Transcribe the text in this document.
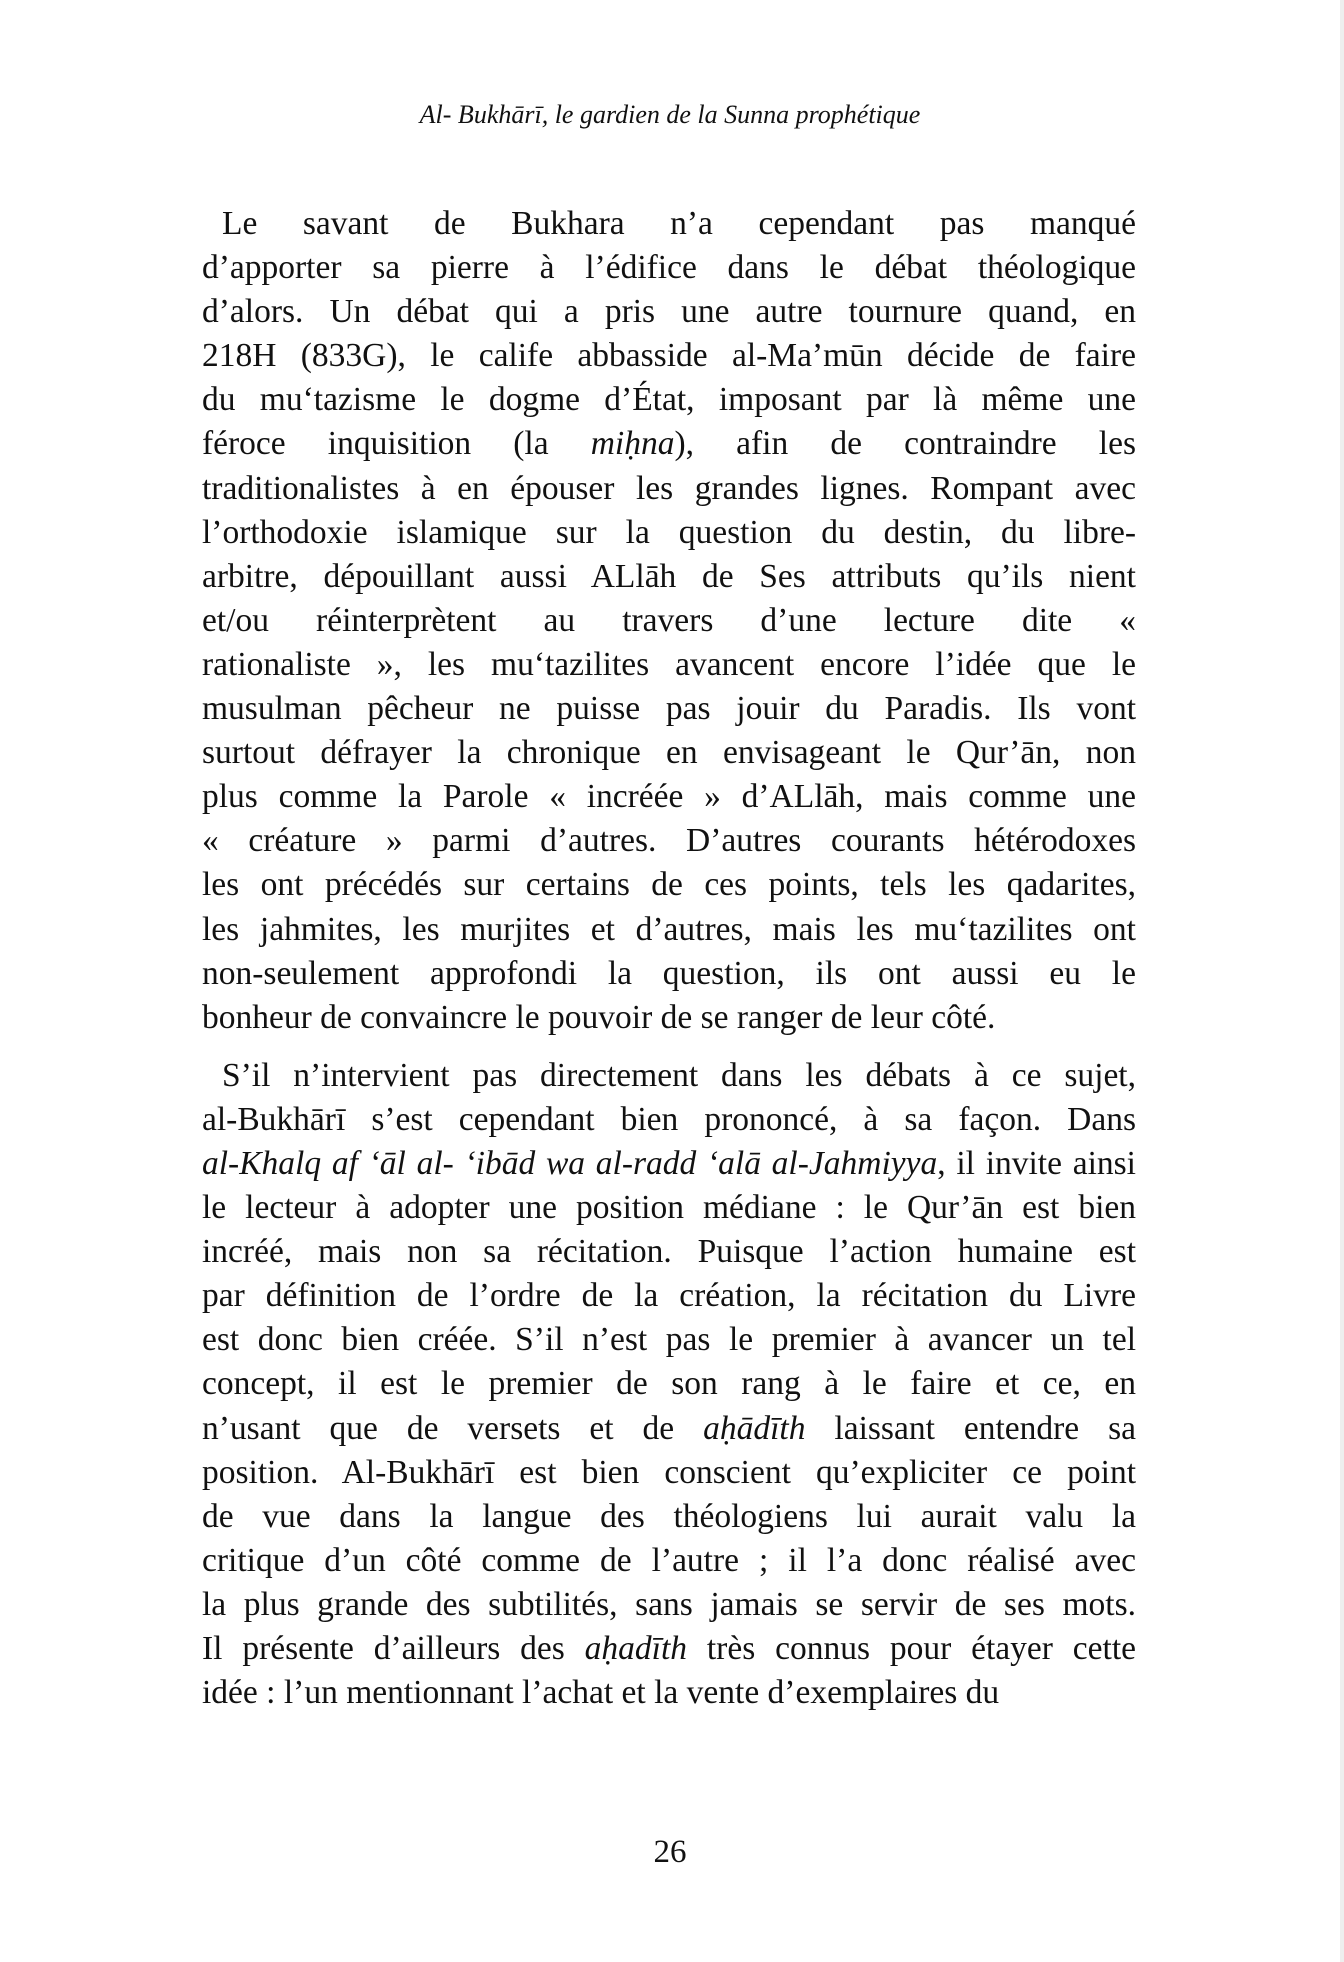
Al- Bukhārī, le gardien de la Sunna prophétique

Le savant de Bukhara n’a cependant pas manqué
d’apporter sa pierre à l’édifice dans le débat théologique
d’alors. Un débat qui a pris une autre tournure quand, en
218H (833G), le calife abbasside al-Ma’mūn décide de faire
du mu‘tazisme le dogme d’État, imposant par là même une
féroce inquisition (la miḥna), afin de contraindre les
traditionalistes à en épouser les grandes lignes. Rompant avec
l’orthodoxie islamique sur la question du destin, du libre-
arbitre, dépouillant aussi ALlāh de Ses attributs qu’ils nient
et/ou réinterprètent au travers d’une lecture dite «
rationaliste », les mu‘tazilites avancent encore l’idée que le
musulman pêcheur ne puisse pas jouir du Paradis. Ils vont
surtout défrayer la chronique en envisageant le Qur’ān, non
plus comme la Parole « incréée » d’ALlāh, mais comme une
« créature » parmi d’autres. D’autres courants hétérodoxes
les ont précédés sur certains de ces points, tels les qadarites,
les jahmites, les murjites et d’autres, mais les mu‘tazilites ont
non-seulement approfondi la question, ils ont aussi eu le
bonheur de convaincre le pouvoir de se ranger de leur côté.

S’il n’intervient pas directement dans les débats à ce sujet,
al-Bukhārī s’est cependant bien prononcé, à sa façon. Dans
al-Khalq af ‘āl al- ‘ibād wa al-radd ‘alā al-Jahmiyya, il invite ainsi
le lecteur à adopter une position médiane : le Qur’ān est bien
incréé, mais non sa récitation. Puisque l’action humaine est
par définition de l’ordre de la création, la récitation du Livre
est donc bien créée. S’il n’est pas le premier à avancer un tel
concept, il est le premier de son rang à le faire et ce, en
n’usant que de versets et de aḥādīth laissant entendre sa
position. Al-Bukhārī est bien conscient qu’expliciter ce point
de vue dans la langue des théologiens lui aurait valu la
critique d’un côté comme de l’autre ; il l’a donc réalisé avec
la plus grande des subtilités, sans jamais se servir de ses mots.
Il présente d’ailleurs des aḥadīth très connus pour étayer cette
idée : l’un mentionnant l’achat et la vente d’exemplaires du

26
